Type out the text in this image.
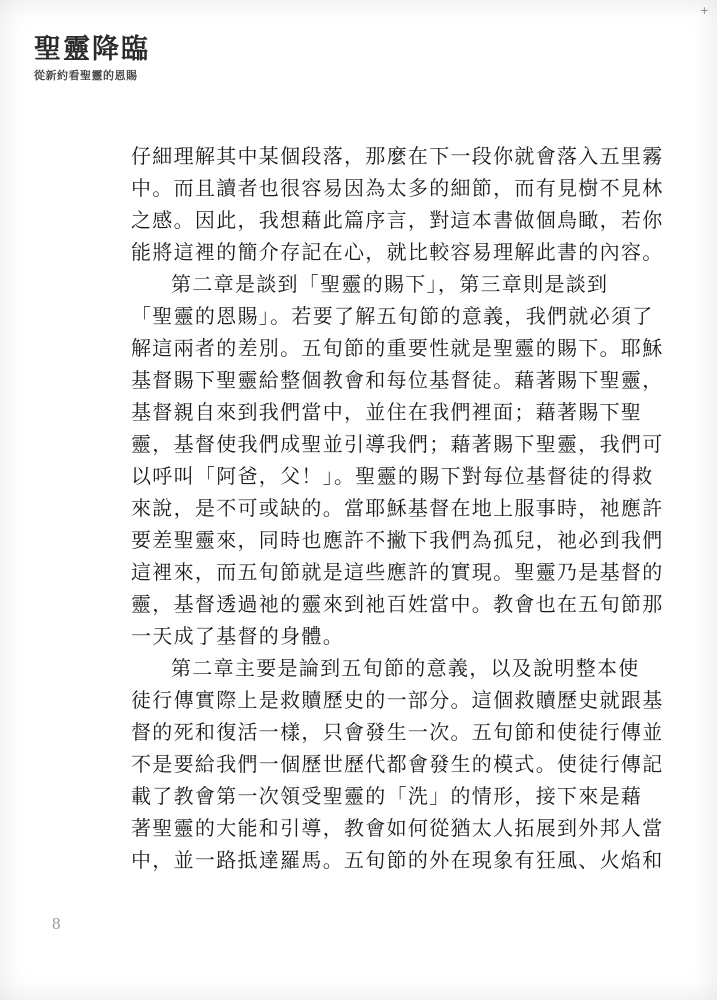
+
聖靈降臨
從新約看聖靈的恩賜
仔細理解其中某個段落，那麼在下一段你就會落入五里霧
中。而且讀者也很容易因為太多的細節，而有見樹不見林
之感。因此，我想藉此篇序言，對這本書做個鳥瞰，若你
能將這裡的簡介存記在心，就比較容易理解此書的內容。
第二章是談到「聖靈的賜下」，第三章則是談到
「聖靈的恩賜」。若要了解五旬節的意義，我們就必須了
解這兩者的差別。五旬節的重要性就是聖靈的賜下。耶穌
基督賜下聖靈給整個教會和每位基督徒。藉著賜下聖靈，
基督親自來到我們當中，並住在我們裡面；藉著賜下聖
靈，基督使我們成聖並引導我們；藉著賜下聖靈，我們可
以呼叫「阿爸，父！」。聖靈的賜下對每位基督徒的得救
來說，是不可或缺的。當耶穌基督在地上服事時，祂應許
要差聖靈來，同時也應許不撇下我們為孤兒，祂必到我們
這裡來，而五旬節就是這些應許的實現。聖靈乃是基督的
靈，基督透過祂的靈來到祂百姓當中。教會也在五旬節那
一天成了基督的身體。
第二章主要是論到五旬節的意義，以及說明整本使
徒行傳實際上是救贖歷史的一部分。這個救贖歷史就跟基
督的死和復活一樣，只會發生一次。五旬節和使徒行傳並
不是要給我們一個歷世歷代都會發生的模式。使徒行傳記
載了教會第一次領受聖靈的「洗」的情形，接下來是藉
著聖靈的大能和引導，教會如何從猶太人拓展到外邦人當
中，並一路抵達羅馬。五旬節的外在現象有狂風、火焰和
8
